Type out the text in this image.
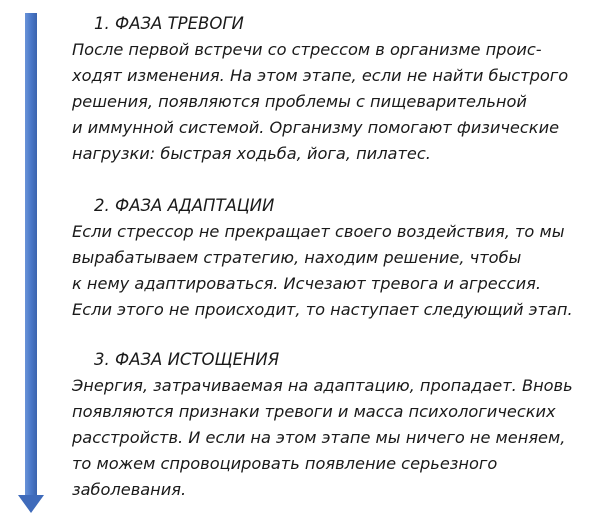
1. ФАЗА ТРЕВОГИ
После первой встречи со стрессом в организме проис-
ходят изменения. На этом этапе, если не найти быстрого
решения, появляются проблемы с пищеварительной
и иммунной системой. Организму помогают физические
нагрузки: быстрая ходьба, йога, пилатес.
2. ФАЗА АДАПТАЦИИ
Если стрессор не прекращает своего воздействия, то мы
вырабатываем стратегию, находим решение, чтобы
к нему адаптироваться. Исчезают тревога и агрессия.
Если этого не происходит, то наступает следующий этап.
3. ФАЗА ИСТОЩЕНИЯ
Энергия, затрачиваемая на адаптацию, пропадает. Вновь
появляются признаки тревоги и масса психологических
расстройств. И если на этом этапе мы ничего не меняем,
то можем спровоцировать появление серьезного
заболевания.
